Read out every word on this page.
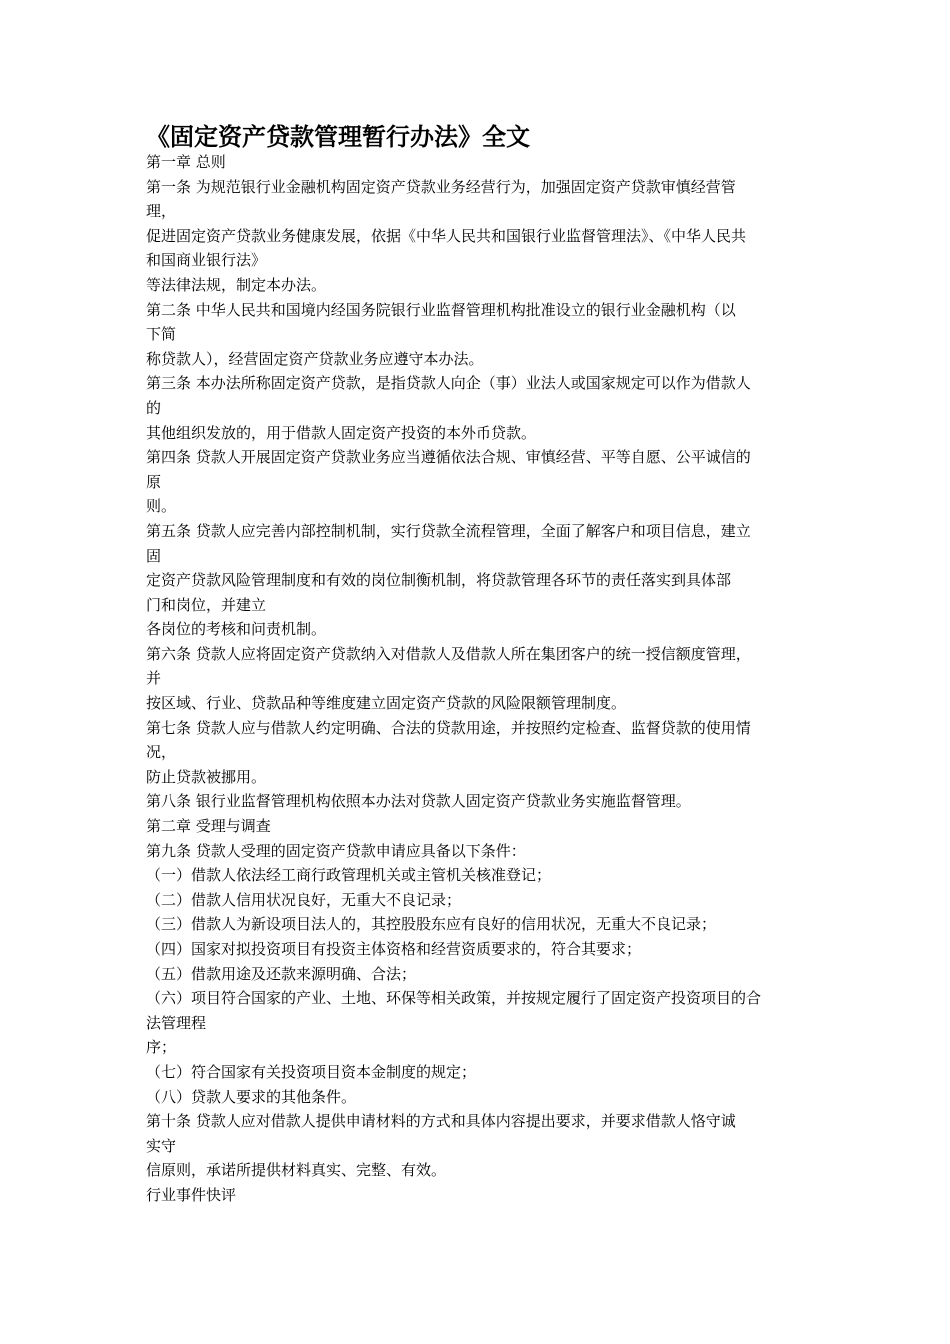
《固定资产贷款管理暂行办法》全文
第一章 总则
第一条 为规范银行业金融机构固定资产贷款业务经营行为，加强固定资产贷款审慎经营管
理，
促进固定资产贷款业务健康发展，依据《中华人民共和国银行业监督管理法》、《中华人民共
和国商业银行法》
等法律法规，制定本办法。
第二条 中华人民共和国境内经国务院银行业监督管理机构批准设立的银行业金融机构（以
下简
称贷款人），经营固定资产贷款业务应遵守本办法。
第三条 本办法所称固定资产贷款，是指贷款人向企（事）业法人或国家规定可以作为借款人
的
其他组织发放的，用于借款人固定资产投资的本外币贷款。
第四条 贷款人开展固定资产贷款业务应当遵循依法合规、审慎经营、平等自愿、公平诚信的
原
则。
第五条 贷款人应完善内部控制机制，实行贷款全流程管理，全面了解客户和项目信息，建立
固
定资产贷款风险管理制度和有效的岗位制衡机制，将贷款管理各环节的责任落实到具体部
门和岗位，并建立
各岗位的考核和问责机制。
第六条 贷款人应将固定资产贷款纳入对借款人及借款人所在集团客户的统一授信额度管理，
并
按区域、行业、贷款品种等维度建立固定资产贷款的风险限额管理制度。
第七条 贷款人应与借款人约定明确、合法的贷款用途，并按照约定检查、监督贷款的使用情
况，
防止贷款被挪用。
第八条 银行业监督管理机构依照本办法对贷款人固定资产贷款业务实施监督管理。
第二章 受理与调查
第九条 贷款人受理的固定资产贷款申请应具备以下条件：
（一）借款人依法经工商行政管理机关或主管机关核准登记；
（二）借款人信用状况良好，无重大不良记录；
（三）借款人为新设项目法人的，其控股股东应有良好的信用状况，无重大不良记录；
（四）国家对拟投资项目有投资主体资格和经营资质要求的，符合其要求；
（五）借款用途及还款来源明确、合法；
（六）项目符合国家的产业、土地、环保等相关政策，并按规定履行了固定资产投资项目的合
法管理程
序；
（七）符合国家有关投资项目资本金制度的规定；
（八）贷款人要求的其他条件。
第十条 贷款人应对借款人提供申请材料的方式和具体内容提出要求，并要求借款人恪守诚
实守
信原则，承诺所提供材料真实、完整、有效。
行业事件快评
